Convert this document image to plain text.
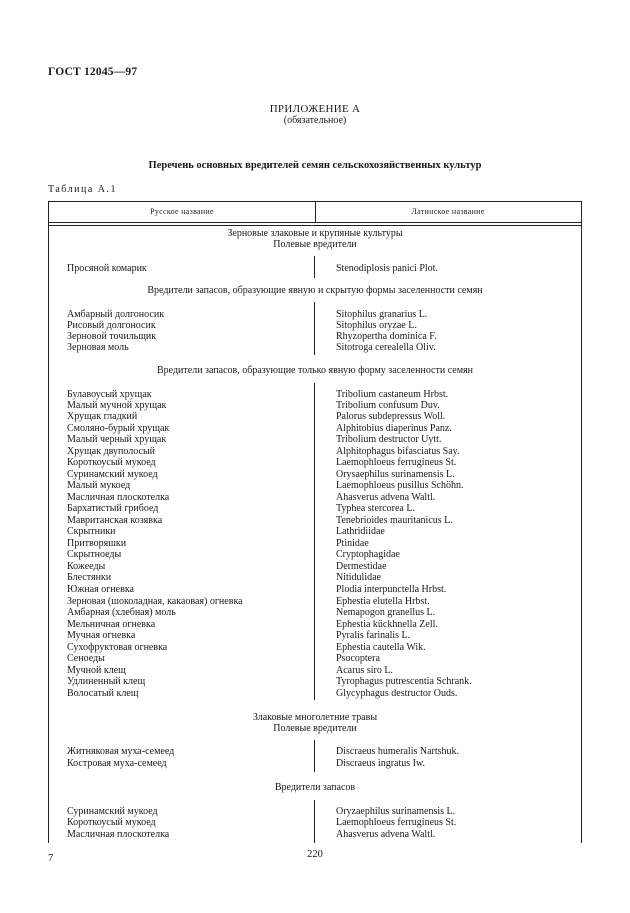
ГОСТ 12045—97
ПРИЛОЖЕНИЕ А
(обязательное)
Перечень основных вредителей семян сельскохозяйственных культур
Таблица А.1
Русское название	Латинское название
Зерновые злаковые и крупяные культуры
Полевые вредители
Просяной комарик	Stenodiplosis panici Plot.
Вредители запасов, образующие явную и скрытую формы заселенности семян
Амбарный долгоносик	Sitophilus granarius L.
Рисовый долгоносик	Sitophilus oryzae L.
Зерновой точильщик	Rhyzopertha dominica F.
Зерновая моль	Sitotroga cerealella Oliv.
Вредители запасов, образующие только явную форму заселенности семян
Булавоусый хрущак	Tribolium castaneum Hrbst.
Малый мучной хрущак	Tribolium confusum Duv.
Хрущак гладкий	Palorus subdepressus Woll.
Смоляно-бурый хрущак	Alphitobius diaperinus Panz.
Малый черный хрущак	Tribolium destructor Uytt.
Хрущак двуполосый	Alphitophagus bifasciatus Say.
Короткоусый мукоед	Laemophloeus ferrugineus St.
Суринамский мукоед	Orysaephilus surinamensis L.
Малый мукоед	Laemophloeus pusillus Schöhn.
Масличная плоскотелка	Ahasverus advena Waltl.
Бархатистый грибоед	Typhea stercorea L.
Мавританская козявка	Tenebrioides mauritanicus L.
Скрытники	Lathridiidae
Притворяшки	Ptinidae
Скрытноеды	Cryptophagidae
Кожееды	Dermestidae
Блестянки	Nitidulidae
Южная огневка	Plodia interpunctella Hrbst.
Зерновая (шоколадная, какаовая) огневка	Ephestia elutella Hrbst.
Амбарная (хлебная) моль	Nemapogon granellus L.
Мельничная огневка	Ephestia kückhnella Zell.
Мучная огневка	Pyralis farinalis L.
Сухофруктовая огневка	Ephestia cautella Wik.
Сеноеды	Psocoptera
Мучной клещ	Acarus siro L.
Удлиненный клещ	Tyrophagus putrescentia Schrank.
Волосатый клещ	Glycyphagus destructor Ouds.
Злаковые многолетние травы
Полевые вредители
Житняковая муха-семеед	Discraeus humeralis Nartshuk.
Костровая муха-семеед	Discraeus ingratus Iw.
Вредители запасов
Суринамский мукоед	Oryzaephilus surinamensis L.
Короткоусый мукоед	Laemophloeus ferrugineus St.
Масличная плоскотелка	Ahasverus advena Waltl.
7	220
